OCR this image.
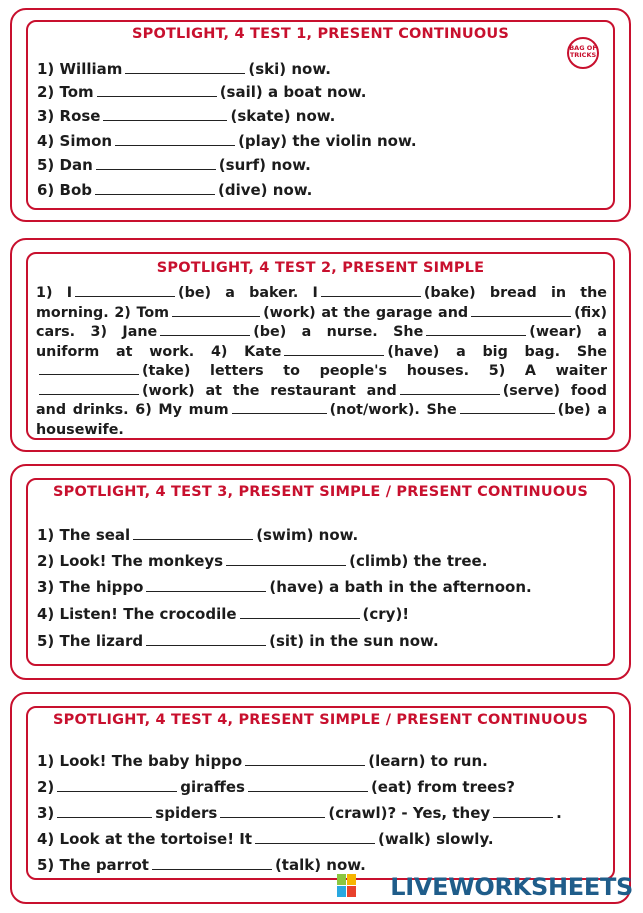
SPOTLIGHT, 4 TEST 1, PRESENT CONTINUOUS
BAG OF TRICKS
1) William	(ski) now.
2) Tom	(sail) a boat now.
3) Rose	(skate) now.
4) Simon	(play) the violin now.
5) Dan	(surf) now.
6) Bob	(dive) now.
SPOTLIGHT, 4 TEST 2, PRESENT SIMPLE
1) I	(be) a baker. I	(bake) bread in the morning. 2) Tom	(work) at the garage and	(fix) cars. 3) Jane	(be) a nurse. She	(wear) a uniform at work. 4) Kate	(have) a big bag. She(take) letters to people's houses. 5) A waiter(work) at the restaurant and	(serve) food and drinks. 6) My mum	(not/work). She	(be) a housewife.
SPOTLIGHT, 4 TEST 3, PRESENT SIMPLE / PRESENT CONTINUOUS
1) The seal	(swim) now.
2) Look! The monkeys	(climb) the tree.
3) The hippo	(have) a bath in the afternoon.
4) Listen! The crocodile	(cry)!
5) The lizard	(sit) in the sun now.
SPOTLIGHT, 4 TEST 4, PRESENT SIMPLE / PRESENT CONTINUOUS
1) Look! The baby hippo	(learn) to run.
2)	giraffes	(eat) from trees?
3)	spiders	(crawl)? - Yes, they	.
4) Look at the tortoise! It	(walk) slowly.
5) The parrot	(talk) now.
LIVEWORKSHEETS
